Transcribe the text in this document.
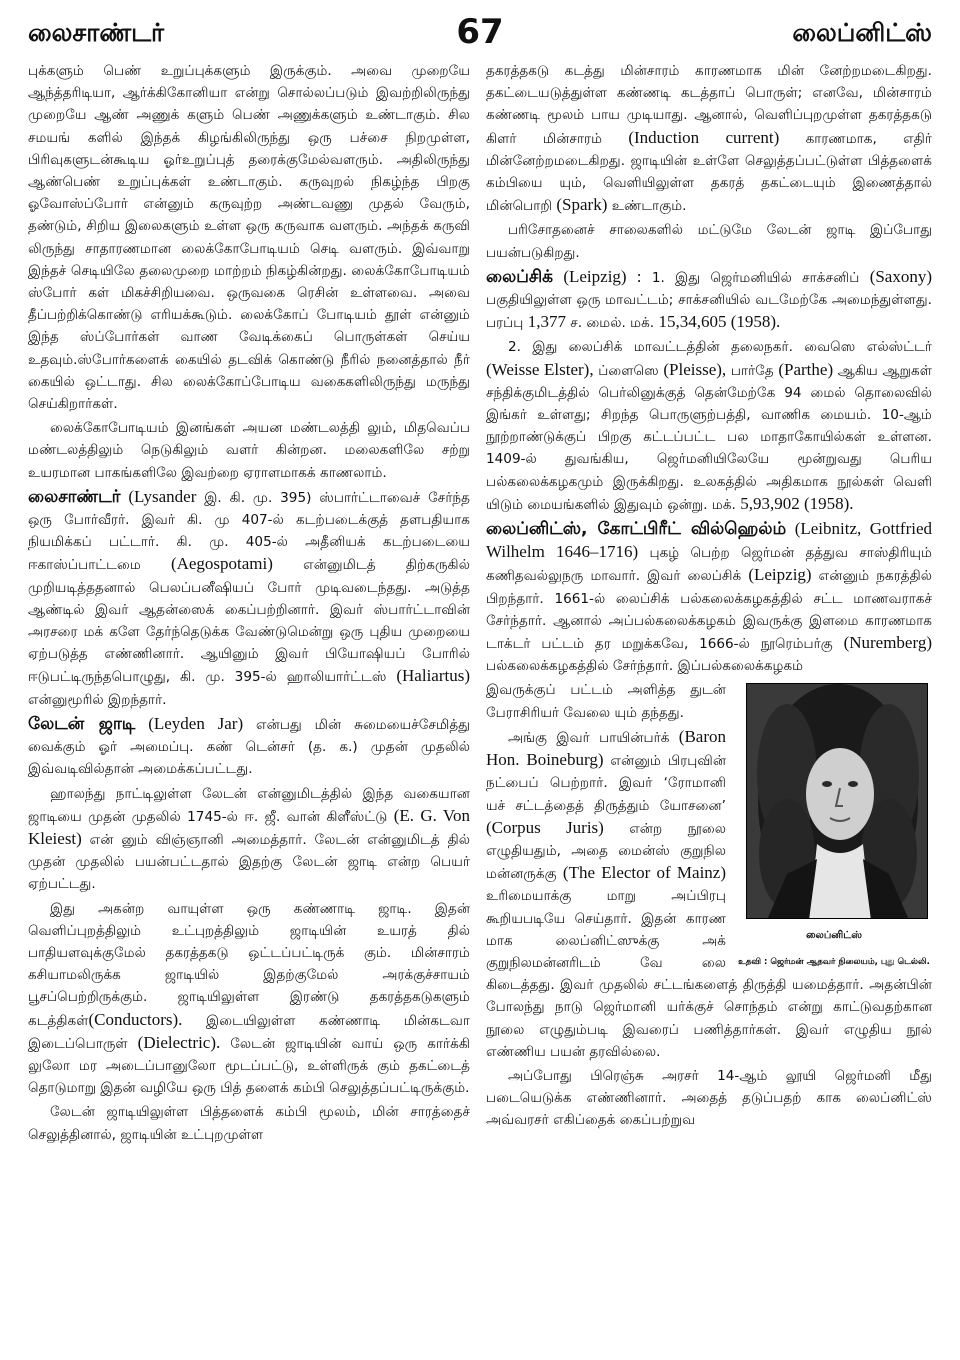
லைசாண்டர்	67	லைப்னிட்ஸ்

புக்களும் பெண் உறுப்புக்களும் இருக்கும். அவை முறையே ஆந்த்தரிடியா, ஆர்க்கிகோனியா என்று சொல்லப்படும் இவற்றிலிருந்து முறையே ஆண் அணுக் களும் பெண் அணுக்களும் உண்டாகும். சில சமயங் களில் இந்தக் கிழங்கிலிருந்து ஒரு பச்சை நிறமுள்ள, பிரிவுகளுடன்கூடிய ஓர்உறுப்புத் தரைக்குமேல்வளரும். அதிலிருந்து ஆண்பெண் உறுப்புக்கள் உண்டாகும். கருவுறல் நிகழ்ந்த பிறகு ஓவோஸ்ப்போர் என்னும் கருவுற்ற அண்டவணு முதல் வேரும், தண்டும், சிறிய இலைகளும் உள்ள ஒரு கருவாக வளரும். அந்தக் கருவி லிருந்து சாதாரணமான லைக்கோபோடியம் செடி வளரும். இவ்வாறு இந்தச் செடியிலே தலைமுறை மாற்றம் நிகழ்கின்றது. லைக்கோபோடியம் ஸ்போர் கள் மிகச்சிறியவை. ஒருவகை ரெசின் உள்ளவை. அவை தீப்பற்றிக்கொண்டு எரியக்கூடும். லைக்கோப் போடியம் தூள் என்னும் இந்த ஸ்ப்போர்கள் வாண வேடிக்கைப் பொருள்கள் செய்ய உதவும்.ஸ்போர்களைக் கையில் தடவிக் கொண்டு நீரில் நனைத்தால் நீர் கையில் ஒட்டாது. சில லைக்கோப்போடிய வகைகளிலிருந்து மருந்து செய்கிறார்கள்.

லைக்கோபோடியம் இனங்கள் அயன மண்டலத்தி லும், மிதவெப்ப மண்டலத்திலும் நெடுகிலும் வளர் கின்றன. மலைகளிலே சற்று உயரமான பாகங்களிலே இவற்றை ஏராளமாகக் காணலாம்.

லைசாண்டர் (Lysander இ. கி. மு. 395) ஸ்பார்ட்டாவைச் சேர்ந்த ஒரு போர்வீரர். இவர் கி. மு 407-ல் கடற்படைக்குத் தளபதியாக நியமிக்கப் பட்டார். கி. மு. 405-ல் அதீனியக் கடற்படையை ஈகாஸ்ப்பாட்டமை (Aegospotami) என்னுமிடத் திற்கருகில் முறியடித்ததனால் பெலப்பனீஷியப் போர் முடிவடைந்தது. அடுத்த ஆண்டில் இவர் ஆதன்ஸைக் கைப்பற்றினார். இவர் ஸ்பார்ட்டாவின் அரசரை மக் களே தேர்ந்தெடுக்க வேண்டுமென்று ஒரு புதிய முறையை ஏற்படுத்த எண்ணினார். ஆயினும் இவர் பியோஷியப் போரில் ஈடுபட்டிருந்தபொழுது, கி. மு. 395-ல் ஹாலியார்ட்டஸ் (Haliartus) என்னுமூரில் இறந்தார்.

லேடன் ஜாடி (Leyden Jar) என்பது மின் சுமையைச்சேமித்து வைக்கும் ஓர் அமைப்பு. கண் டென்சர் (த. க.) முதன் முதலில் இவ்வடிவில்தான் அமைக்கப்பட்டது.

ஹாலந்து நாட்டிலுள்ள லேடன் என்னுமிடத்தில் இந்த வகையான ஜாடியை முதன் முதலில் 1745-ல் ஈ. ஜீ. வான் கிளீஸ்ட்டு (E. G. Von Kleiest) என் னும் விஞ்ஞானி அமைத்தார். லேடன் என்னுமிடத் தில் முதன் முதலில் பயன்பட்டதால் இதற்கு லேடன் ஜாடி என்ற பெயர் ஏற்பட்டது.

இது அகன்ற வாயுள்ள ஒரு கண்ணாடி ஜாடி. இதன் வெளிப்புறத்திலும் உட்புறத்திலும் ஜாடியின் உயரத் தில் பாதியளவுக்குமேல் தகரத்தகடு ஒட்டப்பட்டிருக் கும். மின்சாரம் கசியாமலிருக்க ஜாடியில் இதற்குமேல் அரக்குச்சாயம் பூசப்பெற்றிருக்கும். ஜாடியிலுள்ள இரண்டு தகரத்தகடுகளும் கடத்திகள்(Conductors). இடையிலுள்ள கண்ணாடி மின்கடவா இடைப்பொருள் (Dielectric). லேடன் ஜாடியின் வாய் ஒரு கார்க்கி லுலோ மர அடைப்பானுலோ மூடப்பட்டு, உள்ளிருக் கும் தகட்டைத் தொடுமாறு இதன் வழியே ஒரு பித் தளைக் கம்பி செலுத்தப்பட்டிருக்கும்.

லேடன் ஜாடியிலுள்ள பித்தளைக் கம்பி மூலம், மின் சாரத்தைச் செலுத்தினால், ஜாடியின் உட்புறமுள்ள

தகரத்தகடு கடத்து மின்சாரம் காரணமாக மின் னேற்றமடைகிறது. தகட்டையடுத்துள்ள கண்ணடி கடத்தாப் பொருள்; எனவே, மின்சாரம் கண்ணடி மூலம் பாய முடியாது. ஆனால், வெளிப்புறமுள்ள தகரத்தகடு கிளர் மின்சாரம் (Induction current) காரணமாக, எதிர் மின்னேற்றமடைகிறது. ஜாடியின் உள்ளே செலுத்தப்பட்டுள்ள பித்தளைக் கம்பியை யும், வெளியிலுள்ள தகரத் தகட்டையும் இணைத்தால் மின்பொறி (Spark) உண்டாகும்.

பரிசோதனைச் சாலைகளில் மட்டுமே லேடன் ஜாடி இப்போது பயன்படுகிறது.

லைப்சிக் (Leipzig) : 1. இது ஜெர்மனியில் சாக்சனிப் (Saxony) பகுதியிலுள்ள ஒரு மாவட்டம்; சாக்சனியில் வடமேற்கே அமைந்துள்ளது. பரப்பு 1,377 ச. மைல். மக். 15,34,605 (1958).

2. இது லைப்சிக் மாவட்டத்தின் தலைநகர். வைஸெ எல்ஸ்ட்டர் (Weisse Elster), ப்ளைஸெ (Pleisse), பார்தே (Parthe) ஆகிய ஆறுகள் சந்திக்குமிடத்தில் பெர்லினுக்குத் தென்மேற்கே 94 மைல் தொலைவில் இங்கர் உள்ளது; சிறந்த பொருளுற்பத்தி, வாணிக மையம். 10-ஆம் நூற்றாண்டுக்குப் பிறகு கட்டப்பட்ட பல மாதாகோயில்கள் உள்ளன. 1409-ல் துவங்கிய, ஜெர்மனியிலேயே மூன்றுவது பெரிய பல்கலைக்கழகமும் இருக்கிறது. உலகத்தில் அதிகமாக நூல்கள் வெளி யிடும் மையங்களில் இதுவும் ஒன்று. மக். 5,93,902 (1958).

லைப்னிட்ஸ், கோட்பிரீட் வில்ஹெல்ம் (Leibnitz, Gottfried Wilhelm 1646–1716) புகழ் பெற்ற ஜெர்மன் தத்துவ சாஸ்திரியும் கணிதவல்லுநரு மாவார். இவர் லைப்சிக் (Leipzig) என்னும் நகரத்தில் பிறந்தார். 1661-ல் லைப்சிக் பல்கலைக்கழகத்தில் சட்ட மாணவராகச் சேர்ந்தார். ஆனால் அப்பல்கலைக்கழகம் இவருக்கு இளமை காரணமாக டாக்டர் பட்டம் தர மறுக்கவே, 1666-ல் நூரெம்பர்கு (Nuremberg) பல்கலைக்கழகத்தில் சேர்ந்தார். இப்பல்கலைக்கழகம்

லைப்னிட்ஸ்
உதவி : ஜெர்மன் ஆதவர் நிலையம், புது டெல்லி.

இவருக்குப் பட்டம் அளித்த துடன் பேராசிரியர் வேலை யும் தந்தது.

அங்கு இவர் பாயின்பர்க் (Baron Hon. Boineburg) என்னும் பிரபுவின் நட்பைப் பெற்றார். இவர் ‘ரோமானி யச் சட்டத்தைத் திருத்தும் யோசனை’ (Corpus Juris) என்ற நூலை எழுதியதும், அதை மைன்ஸ் குறுநில மன்னருக்கு (The Elector of Mainz) உரிமையாக்கு மாறு அப்பிரபு கூறியபடியே செய்தார். இதன் காரண மாக லைப்னிட்ஸுக்கு அக் குறுநிலமன்னரிடம் வே லை கிடைத்தது. இவர் முதலில் சட்டங்களைத் திருத்தி யமைத்தார். அதன்பின் போலந்து நாடு ஜெர்மானி யர்க்குச் சொந்தம் என்று காட்டுவதற்கான நூலை எழுதும்படி இவரைப் பணித்தார்கள். இவர் எழுதிய நூல் எண்ணிய பயன் தரவில்லை.

அப்போது பிரெஞ்சு அரசர் 14-ஆம் லூயி ஜெர்மனி மீது படையெடுக்க எண்ணினார். அதைத் தடுப்பதற் காக லைப்னிட்ஸ் அவ்வரசர் எகிப்தைக் கைப்பற்றுவ
